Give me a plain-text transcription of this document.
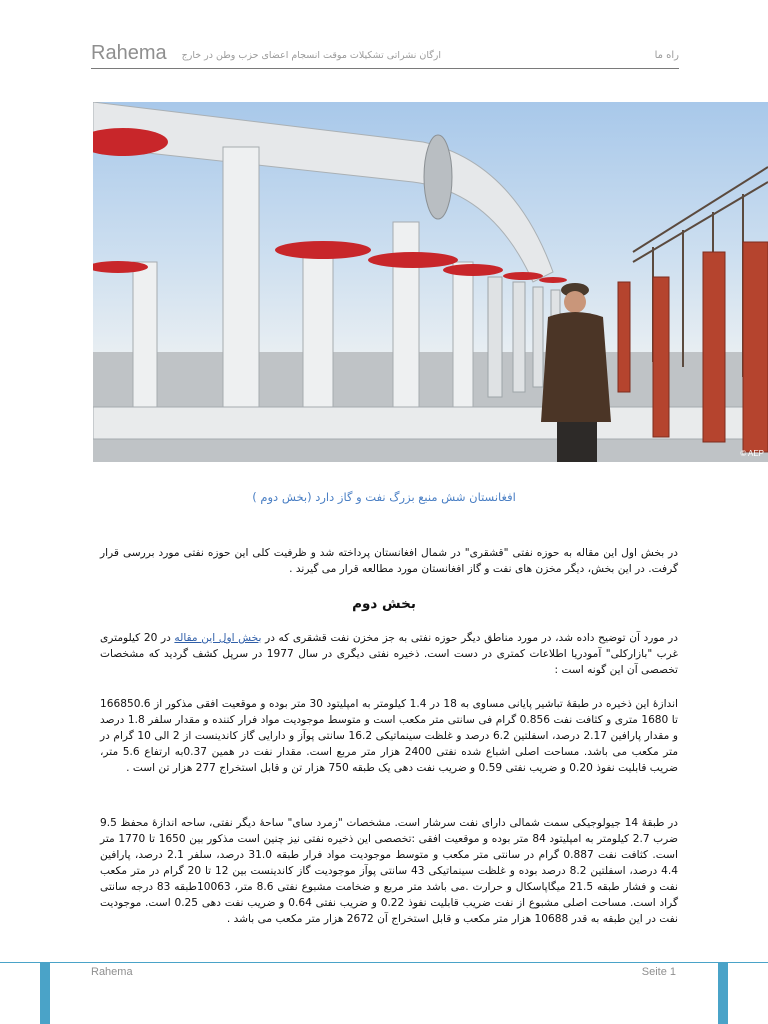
Rahema ارگان نشراتی تشکیلات موقت انسجام اعضای حزب وطن در خارج	راه ما
© AEP
افغانستان شش منبع بزرگ نفت و گاز دارد (بخش دوم )
در بخش اول این مقاله به حوزه نفتی "قشقری" در شمال افغانستان پرداخته شد و ظرفیت کلی این حوزه نفتی مورد بررسی قرار گرفت. در این بخش، دیگر مخزن های نفت و گاز افغانستان مورد مطالعه قرار می گیرند .
بخش دوم
در مورد آن توضیح داده شد، در مورد مناطق دیگر حوزه نفتی به جز مخزن نفت قشقری که در بخش اول این مقاله در 20 کیلومتری غرب "بازارکلی" آمودریا اطلاعات کمتری در دست است. ذخیره نفتی دیگری در سال 1977 در سرپل کشف گردید که مشخصات تخصصی آن این گونه است :
اندازهٔ این ذخیره در طبقهٔ تباشیر پایانی مساوی به 18 در 1.4 کیلومتر به امپلیتود 30 متر بوده و موقعیت افقی مذکور از 166850.6 تا 1680 متری و کثافت نفت 0.856 گرام فی سانتی متر مکعب است و متوسط موجودیت مواد فرار کننده و مقدار سلفر 1.8 درصد و مقدار پارافین 2.17 درصد، اسفلتین 6.2 درصد و غلظت سینماتیکی 16.2 سانتی پوآز و دارایی گاز کاندینست از 2 الی 10 گرام در متر مکعب می باشد. مساحت اصلی اشباع شده نفتی 2400 هزار متر مربع است. مقدار نفت در همین 0.37به ارتفاع 5.6 متر، ضریب قابلیت نفوذ 0.20 و ضریب نفتی 0.59 و ضریب نفت دهی یک طبقه 750 هزار تن و قابل استخراج 277 هزار تن است .
در طبقهٔ 14 جیولوجیکی سمت شمالی دارای نفت سرشار است. مشخصات "زمرد سای" ساحهٔ دیگر نفتی، ساحه اندازهٔ محفظ 9.5 ضرب 2.7 کیلومتر به امپلیتود 84 متر بوده و موقعیت افقی :تخصصی این ذخیره نفتی نیز چنین است مذکور بین 1650 تا 1770 متر است. کثافت نفت 0.887 گرام در سانتی متر مکعب و متوسط موجودیت مواد فرار طبقه 31.0 درصد، سلفر 2.1 درصد، پارافین 4.4 درصد، اسفلتین 8.2 درصد بوده و غلظت سینماتیکی 43 سانتی پوآز موجودیت گاز کاندینست بین 12 تا 20 گرام در متر مکعب نفت و فشار طبقه 21.5 میگاپاسکال و حرارت .می باشد متر مربع و ضخامت مشبوع نفتی 8.6 متر، 10063طبقه 83 درجه سانتی گراد است. مساحت اصلی مشبوع از نفت ضریب قابلیت نفوذ 0.22 و ضریب نفتی 0.64 و ضریب نفت دهی 0.25 است. موجودیت نفت در این طبقه به قدر 10688 هزار متر مکعب و قابل استخراج آن 2672 هزار متر مکعب می باشد .
Rahema	Seite 1
